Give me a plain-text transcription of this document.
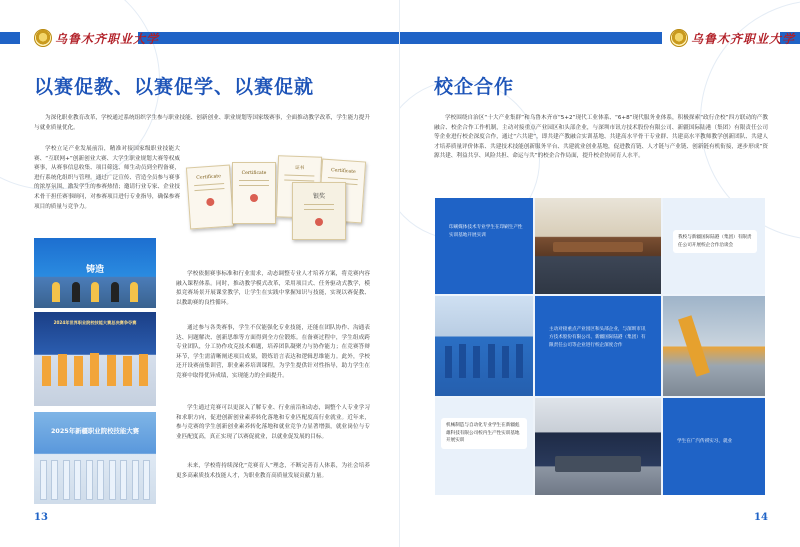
乌鲁木齐职业大学
以赛促教、以赛促学、以赛促就

为深化职业教育改革，学校通过系统组织学生参与职业技能、创新创业、职业规划等国家级赛事，全面推动教学改革，学生能力提升与就业质量优化。

学校立足产业发展前沿，精准对接国家级职业技能大赛、“互联网+”创新创业大赛、大学生职业规划大赛等权威赛事，从赛事信息收集、项目筛选、师生动员到全程备赛，进行系统化组织与管理。通过广泛宣传、营造全员参与赛事的浓厚氛围，激发学生的参赛热情；邀请行业专家、企业技术骨干担任赛事顾问，对参赛项目进行专业指导，确保参赛项目的质量与竞争力。

Certificate
Certificate
证书	Certificate
银奖
铸造
2024年世界职业院校技能大赛总决赛争夺赛
2025年新疆职业院校技能大赛

学校依据赛事标准和行业需求，动态调整专业人才培养方案，将竞赛内容融入课程体系。同时，推动教学模式改革，采用项目式、任务驱动式教学，模拟竞赛场景开展课堂教学，让学生在实践中掌握知识与技能，实现以赛促教、以教助赛的良性循环。

通过参与各类赛事，学生不仅能强化专业技能，还能在团队协作、沟通表达、问题解决、创新思维等方面得到全方位锻炼。在备赛过程中，学生组成跨专业团队，分工协作攻克技术难题，培养团队凝聚力与协作能力；在竞赛答辩环节，学生需清晰阐述项目成果，锻炼语言表达和逻辑思维能力。此外，学校还开设赛前集训营，职业素养培训课程，为学生提供针对性指导，助力学生在竞赛中取得优异成绩，实现能力的全面提升。

学生通过竞赛可以更深入了解专业、行业前沿和动态，调整个人专业学习和求职方向，促进创新创业素养转化落地和专业匹配度高行业就业。近年来，参与竞赛的学生创新创业素养转化落地和就业竞争力显著增强，就业岗位与专业匹配度高，真正实现了以赛促就业，以就业促发展的目标。

未来，学校将持续深化“竞赛育人”理念，不断完善育人体系，为社会培养更多高素质技术技能人才，为职业教育高质量发展贡献力量。

13
乌鲁木齐职业大学
校企合作

学校围绕自治区“十大产业集群”和乌鲁木齐市“5+2”现代工业体系、“6+8”现代服务业体系，积极探索“政行企校”四方联动的产教融合、校企合作工作机制，主动对接重点产业园区和头部企业，与深圳市讯方技术股份有限公司、新疆国际陆港（集团）有限责任公司等企业进行校企深度合作，通过“六共建”，即共建产教融合实训基地、共建高水平骨干专业群、共建高水平教师教学创新团队、共建人才培养质量评价体系、共建技术技能创新服务平台、共建就业创业基地，促进教育链、人才链与产业链、创新链有机衔接，逐步形成“资源共建、利益共享、风险共担、命运与共”的校企合作局面，提升校企协同育人水平。

印刷媒体技术专业学生在印刷生产性实训基地开展实训	我校与新疆国际陆港（集团）有限责任公司开展校企合作洽谈会
主动对接重点产业园区和头部企业，与深圳市讯方技术股份有限公司、新疆国际陆港（集团）有限责任公司等企业进行校企深度合作
机械制造与自动化专业学生在新疆彪雄科技有限公司校内生产性实训基地开展实训	学生在广汽传祺实习、就业
14
